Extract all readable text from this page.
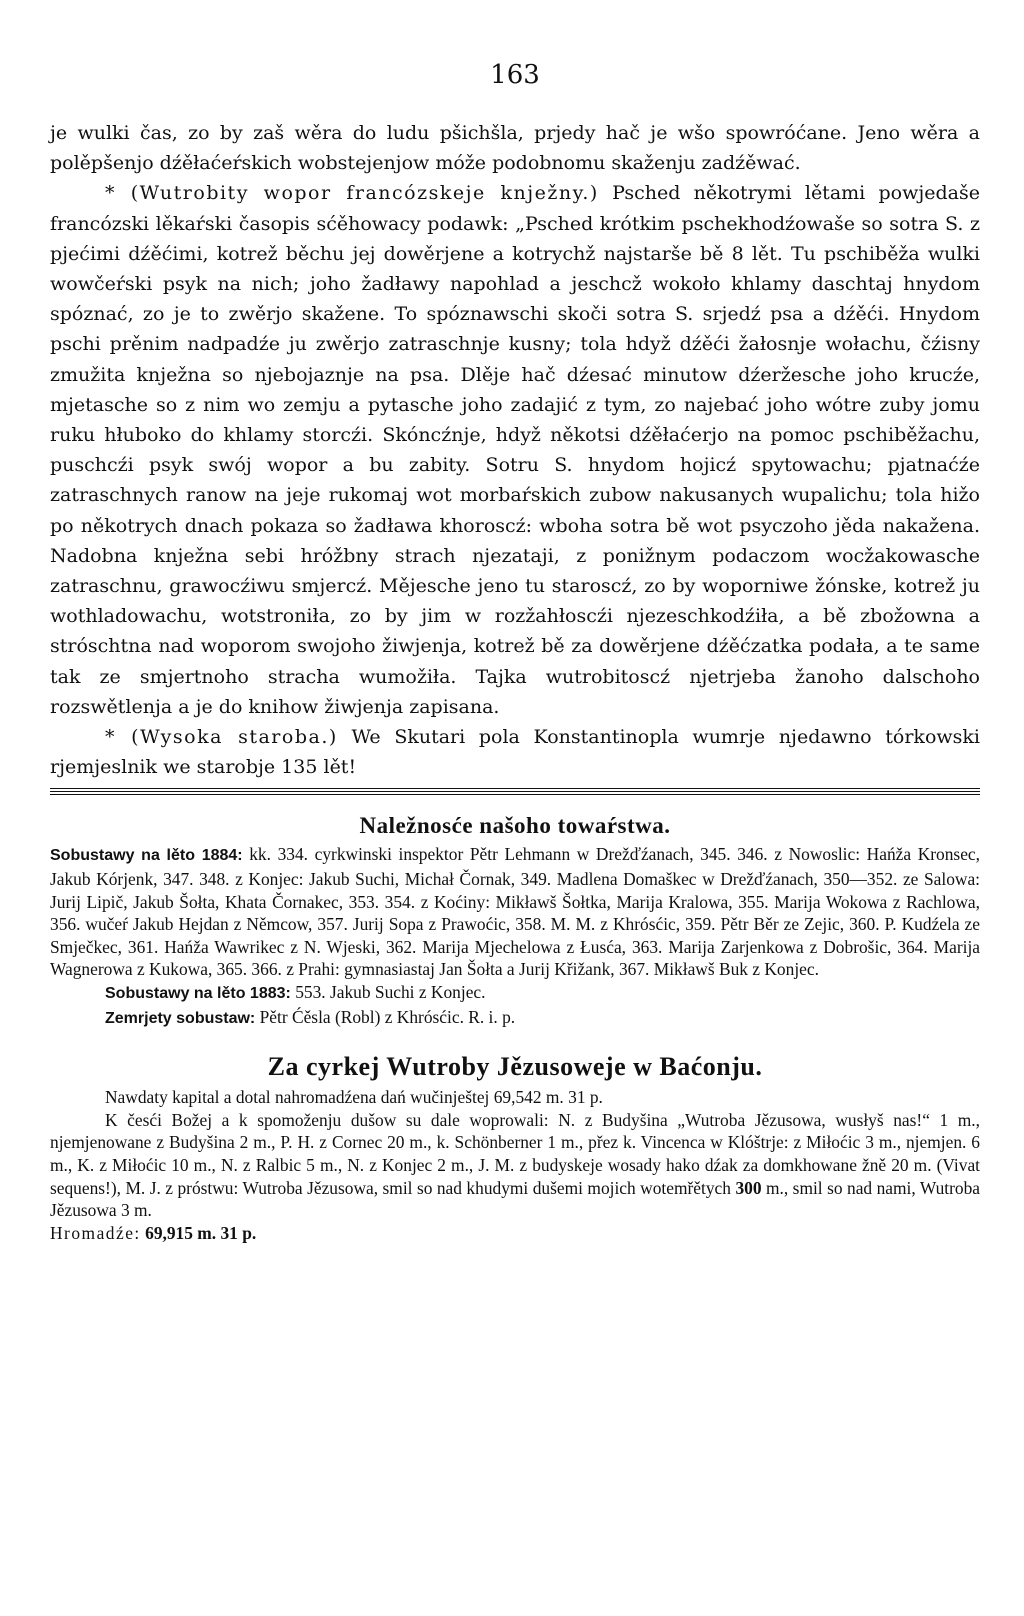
163

je wulki čas, zo by zaš wěra do ludu pšichšla, prjedy hač je wšo spowróćane. Jeno wěra a polěpšenjo dźěłaćeŕskich wobstejenjow móže podobnomu skaženju zadźěwać.

* (Wutrobity wopor francózskeje knježny.) Psched někotrymi lětami powjedaše francózski lěkaŕski časopis sćěhowacy podawk: „Psched krótkim pschekhodźowaše so sotra S. z pjećimi dźěćimi, kotrež běchu jej dowěrjene a kotrychž najstarše bě 8 lět. Tu pschiběža wulki wowčeŕski psyk na nich; joho žadławy napohlad a jeschcž wokoło khlamy daschtaj hnydom spóznać, zo je to zwěrjo skažene. To spóznawschi skoči sotra S. srjedź psa a dźěći. Hnydom pschi prěnim nadpadźe ju zwěrjo zatraschnje kusny; tola hdyž dźěći žałosnje wołachu, čźisny zmužita knježna so njebojaznje na psa. Dlěje hač dźesać minutow dźeržesche joho krucźe, mjetasche so z nim wo zemju a pytasche joho zadajić z tym, zo najebać joho wótre zuby jomu ruku hłuboko do khlamy storcźi. Skóncźnje, hdyž někotsi dźěłaćerjo na pomoc pschiběžachu, puschcźi psyk swój wopor a bu zabity. Sotru S. hnydom hojicź spytowachu; pjatnaćźe zatraschnych ranow na jeje rukomaj wot morbaŕskich zubow nakusanych wupalichu; tola hižo po někotrych dnach pokaza so žadława khoroscź: wboha sotra bě wot psyczoho jěda nakažena. Nadobna knježna sebi hróžbny strach njezataji, z ponižnym podaczom wocžakowasche zatraschnu, grawocźiwu smjercź. Mějesche jeno tu staroscź, zo by woporniwe žónske, kotrež ju wothladowachu, wotstroniła, zo by jim w rozžahłoscźi njezeschkodźiła, a bě zbožowna a stróschtna nad woporom swojoho žiwjenja, kotrež bě za dowěrjene dźěćzatka podała, a te same tak ze smjertnoho stracha wumožiła. Tajka wutrobitoscź njetrjeba žanoho dalschoho rozswětlenja a je do knihow žiwjenja zapisana.

* (Wysoka staroba.) We Skutari pola Konstantinopla wumrje njedawno tórkowski rjemjeslnik we starobje 135 lět!

Naležnosće našoho towaŕstwa.

Sobustawy na lěto 1884: kk. 334. cyrkwinski inspektor Pětr Lehmann w Drežďźanach, 345. 346. z Nowoslic: Hańža Kronsec, Jakub Kórjenk, 347. 348. z Konjec: Jakub Suchi, Michał Čornak, 349. Madlena Domaškec w Drežďźanach, 350—352. ze Salowa: Jurij Lipič, Jakub Šołta, Khata Čornakec, 353. 354. z Koćiny: Mikławš Šołtka, Marija Kralowa, 355. Marija Wokowa z Rachlowa, 356. wučeŕ Jakub Hejdan z Němcow, 357. Jurij Sopa z Prawoćic, 358. M. M. z Khrósćic, 359. Pětr Běr ze Zejic, 360. P. Kudźela ze Smječkec, 361. Hańža Wawrikec z N. Wjeski, 362. Marija Mjechelowa z Łusća, 363. Marija Zarjenkowa z Dobrošic, 364. Marija Wagnerowa z Kukowa, 365. 366. z Prahi: gymnasiastaj Jan Šołta a Jurij Křižank, 367. Mikławš Buk z Konjec.

Sobustawy na lěto 1883: 553. Jakub Suchi z Konjec.

Zemrjety sobustaw: Pětr Ćěsla (Robl) z Khrósćic. R. i. p.

Za cyrkej Wutroby Jězusoweje w Baćonju.

Nawdaty kapital a dotal nahromadźena dań wučinještej 69,542 m. 31 p.

K česći Božej a k spomoženju dušow su dale woprowali: N. z Budyšina „Wutroba Jězusowa, wusłyš nas!“ 1 m., njemjenowane z Budyšina 2 m., P. H. z Cornec 20 m., k. Schönberner 1 m., přez k. Vincenca w Klóštrje: z Miłoćic 3 m., njemjen. 6 m., K. z Miłoćic 10 m., N. z Ralbic 5 m., N. z Konjec 2 m., J. M. z budyskeje wosady hako dźak za domkhowane žně 20 m. (Vivat sequens!), M. J. z próstwu: Wutroba Jězusowa, smil so nad khudymi dušemi mojich wotemřětych 300 m., smil so nad nami, Wutroba Jězusowa 3 m.

Hromadźe: 69,915 m. 31 p.
